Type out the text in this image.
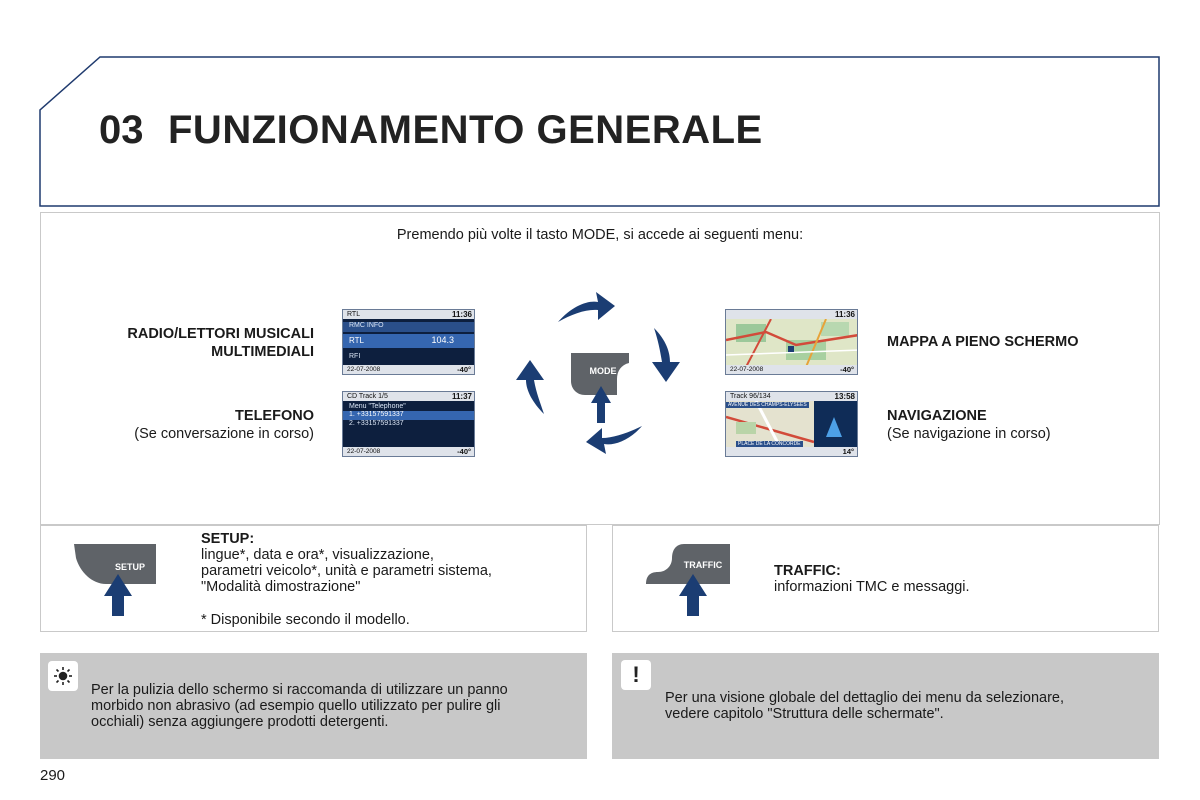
03 FUNZIONAMENTO GENERALE
Premendo più volte il tasto MODE, si accede ai seguenti menu:
RADIO/LETTORI MUSICALI
MULTIMEDIALI
TELEFONO
(Se conversazione in corso)
MAPPA A PIENO SCHERMO
NAVIGAZIONE
(Se navigazione in corso)
RTL	11:36
RMC INFO
RTL	104.3
RFI
22-07-2008	-40°
CD Track 1/5	11:37
Menu "Telephone"
1. +33157591337
2. +33157591337
22-07-2008	-40°
11:36
22-07-2008	-40°
Track 96/134	13:58
AVENUE DES CHAMPS-ELYSEES
PLACE DE LA CONCORDE
14°
MODE
SETUP
SETUP:
lingue*, data e ora*, visualizzazione,
parametri veicolo*, unità e parametri sistema,
"Modalità dimostrazione"
* Disponibile secondo il modello.
TRAFFIC	TRAFFIC:
informazioni TMC e messaggi.
Per la pulizia dello schermo si raccomanda di utilizzare un panno
morbido non abrasivo (ad esempio quello utilizzato per pulire gli
occhiali) senza aggiungere prodotti detergenti.
!
Per una visione globale del dettaglio dei menu da selezionare,
vedere capitolo "Struttura delle schermate".
290
